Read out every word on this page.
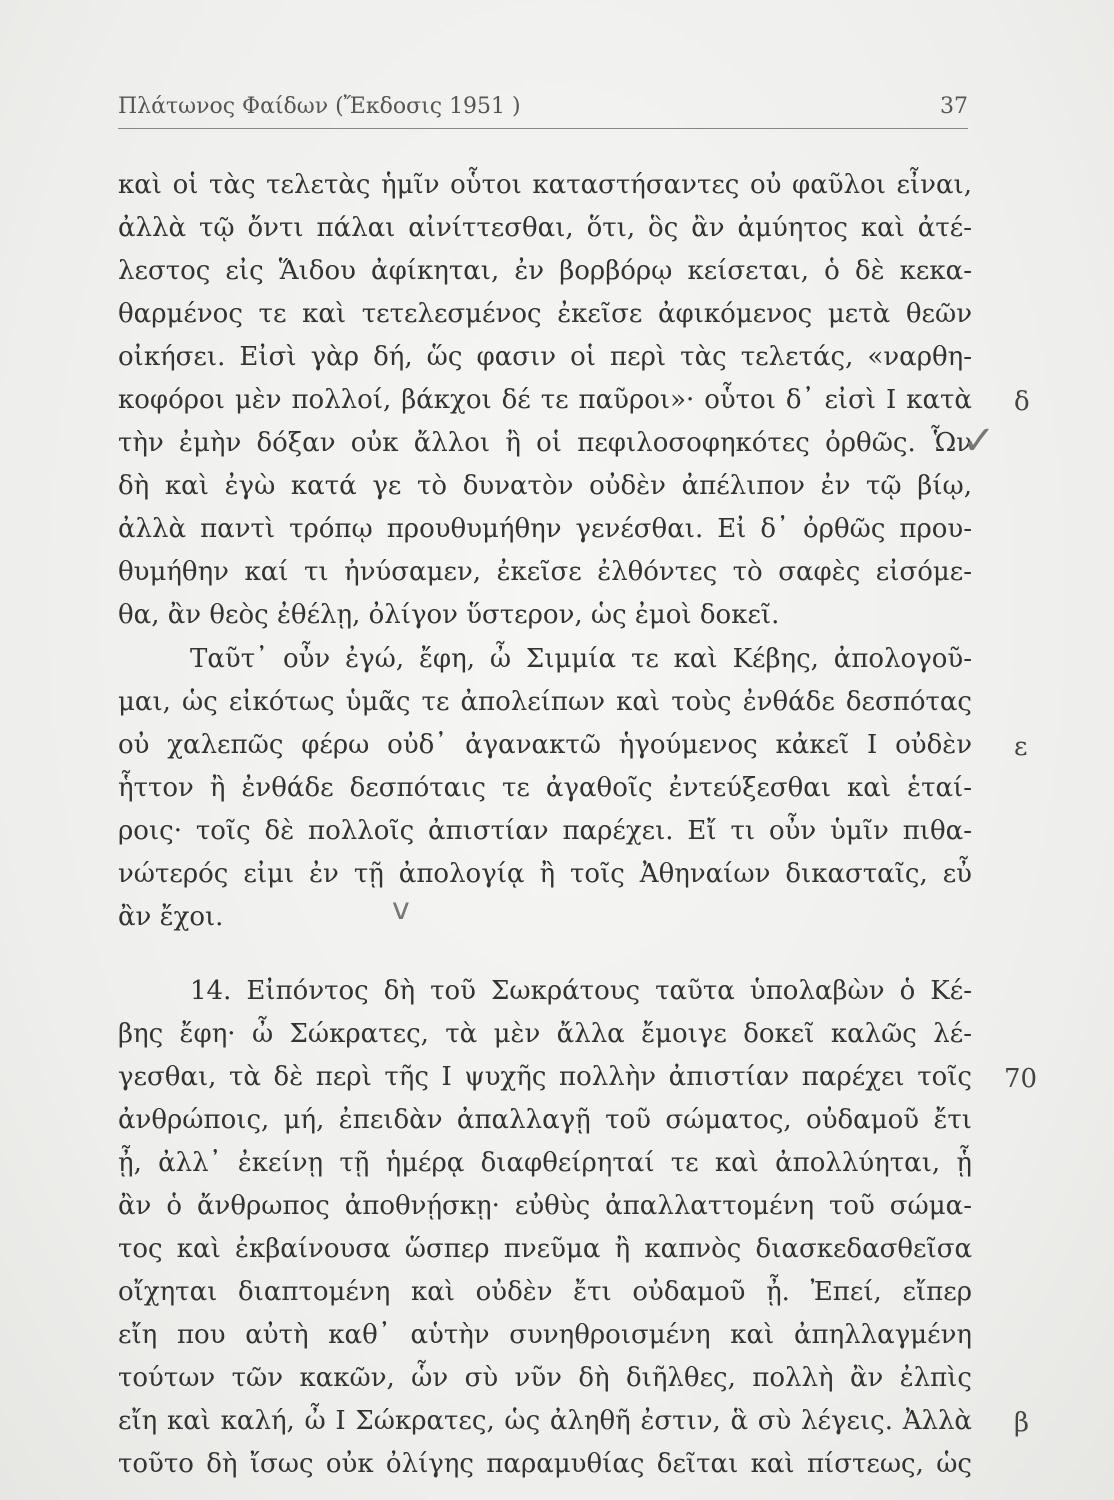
Πλάτωνος Φαίδων (Ἔκδοσις 1951 )	37
καὶ οἱ τὰς τελετὰς ἡμῖν οὗτοι καταστήσαντες οὐ φαῦλοι εἶναι,
ἀλλὰ τῷ ὄντι πάλαι αἰνίττεσθαι, ὅτι, ὃς ἂν ἀμύητος καὶ ἀτέ-
λεστος εἰς Ἅιδου ἀφίκηται, ἐν βορβόρῳ κείσεται, ὁ δὲ κεκα-
θαρμένος τε καὶ τετελεσμένος ἐκεῖσε ἀφικόμενος μετὰ θεῶν
οἰκήσει. Εἰσὶ γὰρ δή, ὥς φασιν οἱ περὶ τὰς τελετάς, «ναρθη-
κοφόροι μὲν πολλοί, βάκχοι δέ τε παῦροι»· οὗτοι δ᾽ εἰσὶ Ι κατὰ
τὴν ἐμὴν δόξαν οὐκ ἄλλοι ἢ οἱ πεφιλοσοφηκότες ὀρθῶς. Ὧν
δὴ καὶ ἐγὼ κατά γε τὸ δυνατὸν οὐδὲν ἀπέλιπον ἐν τῷ βίῳ,
ἀλλὰ παντὶ τρόπῳ προυθυμήθην γενέσθαι. Εἰ δ᾽ ὀρθῶς πρου-
θυμήθην καί τι ἠνύσαμεν, ἐκεῖσε ἐλθόντες τὸ σαφὲς εἰσόμε-
θα, ἂν θεὸς ἐθέλῃ, ὀλίγον ὕστερον, ὡς ἐμοὶ δοκεῖ.
Ταῦτ᾽ οὖν ἐγώ, ἔφη, ὦ Σιμμία τε καὶ Κέβης, ἀπολογοῦ-
μαι, ὡς εἰκότως ὑμᾶς τε ἀπολείπων καὶ τοὺς ἐνθάδε δεσπότας
οὐ χαλεπῶς φέρω οὐδ᾽ ἀγανακτῶ ἡγούμενος κἀκεῖ Ι οὐδὲν
ἧττον ἢ ἐνθάδε δεσπόταις τε ἀγαθοῖς ἐντεύξεσθαι καὶ ἑταί-
ροις· τοῖς δὲ πολλοῖς ἀπιστίαν παρέχει. Εἴ τι οὖν ὑμῖν πιθα-
νώτερός εἰμι ἐν τῇ ἀπολογίᾳ ἢ τοῖς Ἀθηναίων δικασταῖς, εὖ
ἂν ἔχοι.
14. Εἰπόντος δὴ τοῦ Σωκράτους ταῦτα ὑπολαβὼν ὁ Κέ-
βης ἔφη· ὦ Σώκρατες, τὰ μὲν ἄλλα ἔμοιγε δοκεῖ καλῶς λέ-
γεσθαι, τὰ δὲ περὶ τῆς Ι ψυχῆς πολλὴν ἀπιστίαν παρέχει τοῖς
ἀνθρώποις, μή, ἐπειδὰν ἀπαλλαγῇ τοῦ σώματος, οὐδαμοῦ ἔτι
ᾖ, ἀλλ᾽ ἐκείνῃ τῇ ἡμέρᾳ διαφθείρηταί τε καὶ ἀπολλύηται, ᾗ
ἂν ὁ ἄνθρωπος ἀποθνῄσκῃ· εὐθὺς ἀπαλλαττομένη τοῦ σώμα-
τος καὶ ἐκβαίνουσα ὥσπερ πνεῦμα ἢ καπνὸς διασκεδασθεῖσα
οἴχηται διαπτομένη καὶ οὐδὲν ἔτι οὐδαμοῦ ᾖ. Ἐπεί, εἴπερ
εἴη που αὐτὴ καθ᾽ αὑτὴν συνηθροισμένη καὶ ἀπηλλαγμένη
τούτων τῶν κακῶν, ὧν σὺ νῦν δὴ διῆλθες, πολλὴ ἂν ἐλπὶς
εἴη καὶ καλή, ὦ Ι Σώκρατες, ὡς ἀληθῆ ἐστιν, ἃ σὺ λέγεις. Ἀλλὰ
τοῦτο δὴ ἴσως οὐκ ὀλίγης παραμυθίας δεῖται καὶ πίστεως, ὡς
δ
ε
70
β
✓
ⅴ
